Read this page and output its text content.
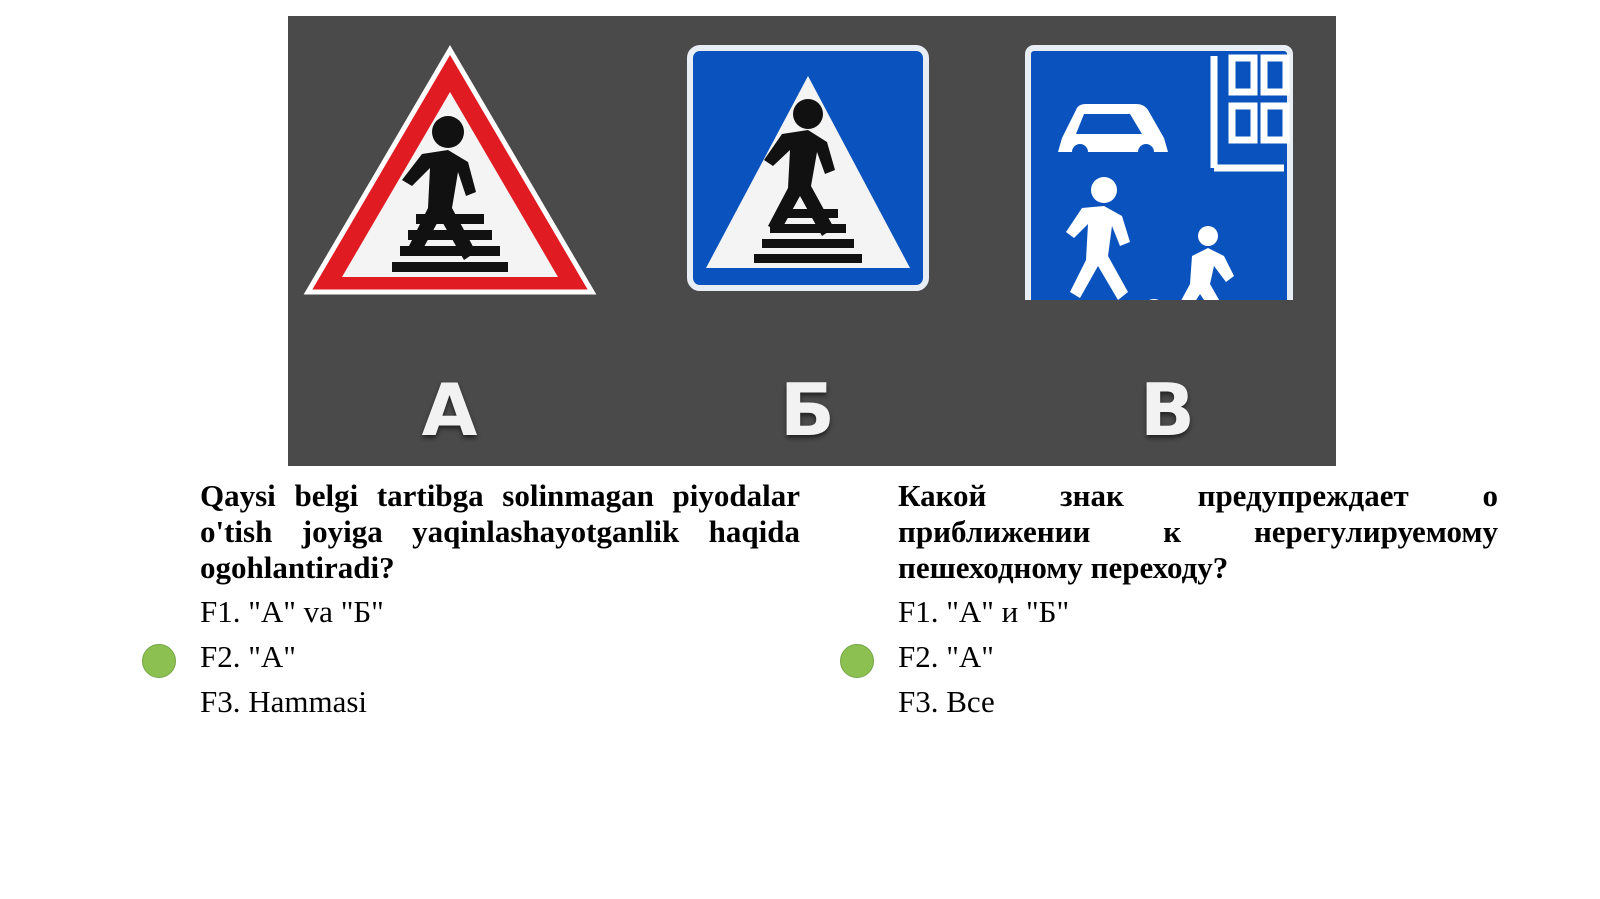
А	Б	В

Qaysi belgi tartibga solinmagan piyodalar o'tish joyiga yaqinlashayotganlik haqida ogohlantiradi?

F1. "А" va "Б"
F2. "А"
F3. Hammasi

Какой знак предупреждает о приближении к нерегулируемому пешеходному переходу?

F1. "А" и "Б"
F2. "А"
F3. Все
